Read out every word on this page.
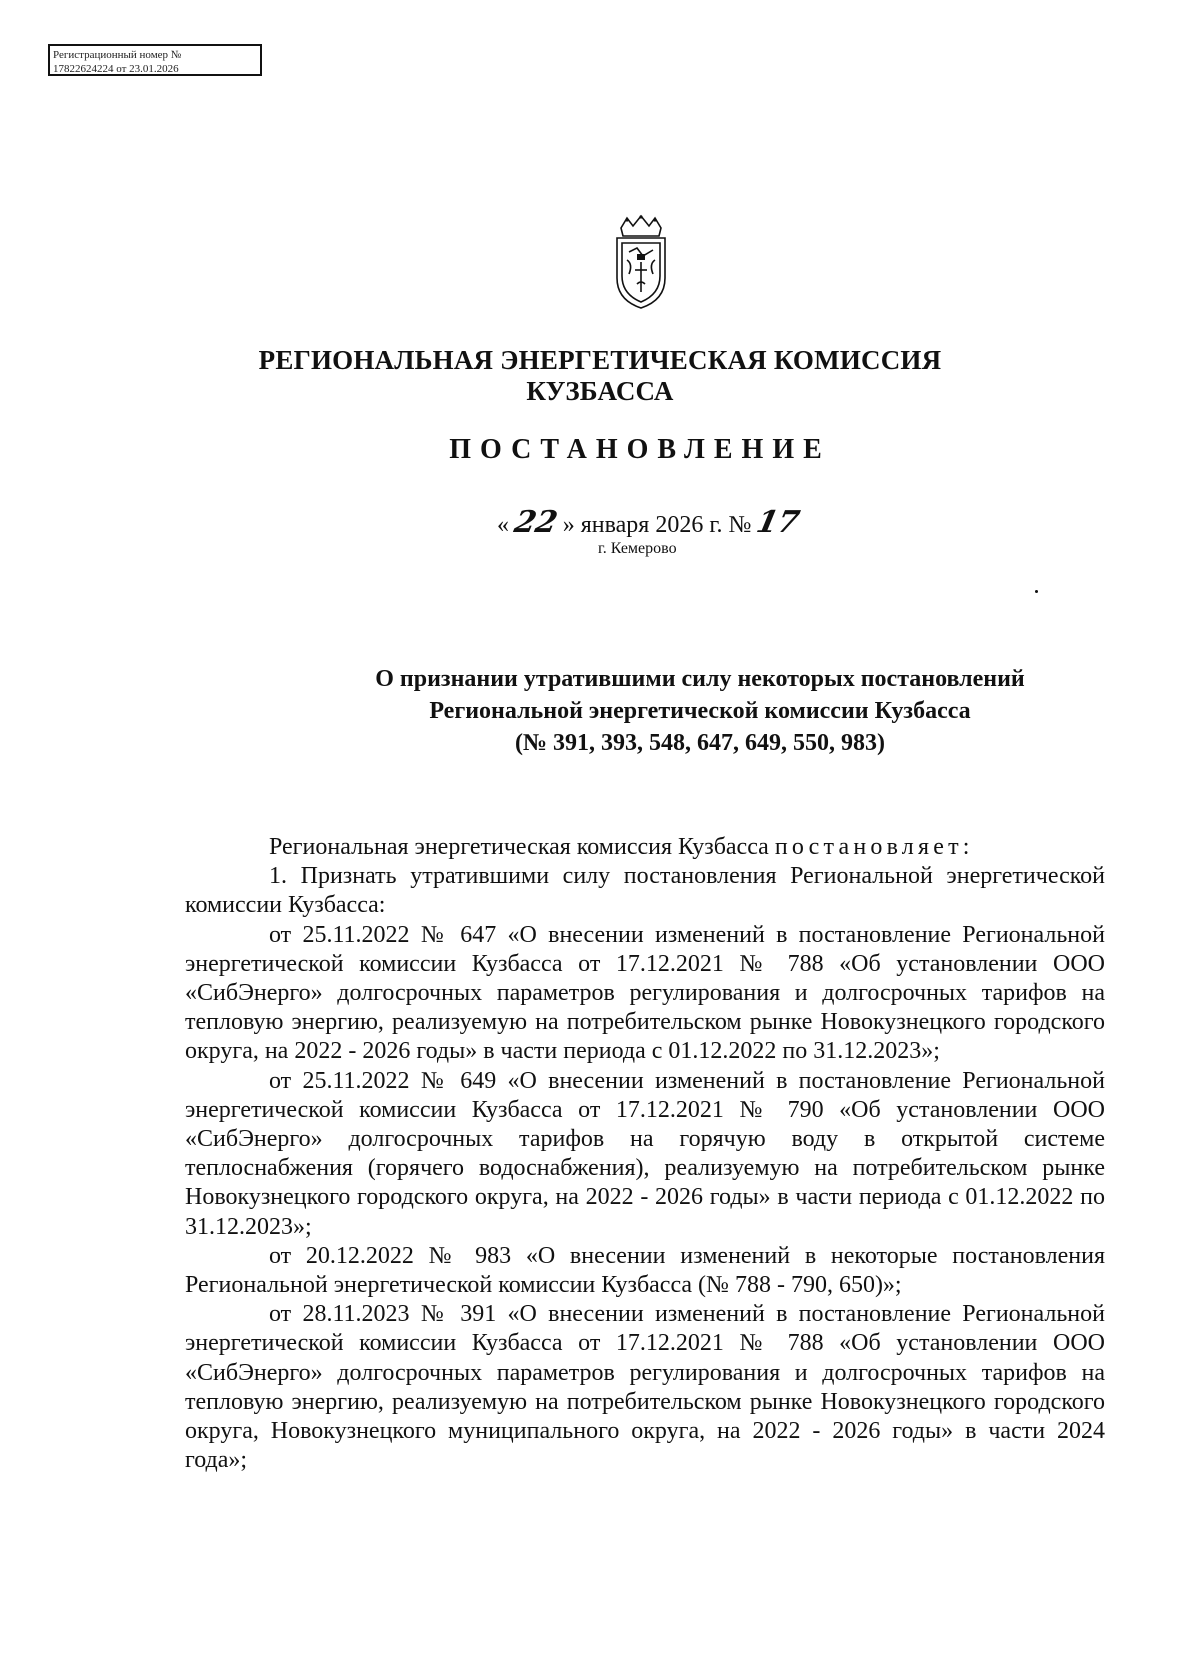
Регистрационный номер №
17822624224 от 23.01.2026
РЕГИОНАЛЬНАЯ ЭНЕРГЕТИЧЕСКАЯ КОМИССИЯ
КУЗБАССА
ПОСТАНОВЛЕНИЕ
« 22 » января 2026 г. № 17
г. Кемерово
О признании утратившими силу некоторых постановлений
Региональной энергетической комиссии Кузбасса
(№ 391, 393, 548, 647, 649, 550, 983)

Региональная энергетическая комиссия Кузбасса постановляет:

1. Признать утратившими силу постановления Региональной энергетической комиссии Кузбасса:

от 25.11.2022 № 647 «О внесении изменений в постановление Региональной энергетической комиссии Кузбасса от 17.12.2021 № 788 «Об установлении ООО «СибЭнерго» долгосрочных параметров регулирования и долгосрочных тарифов на тепловую энергию, реализуемую на потребительском рынке Новокузнецкого городского округа, на 2022 - 2026 годы» в части периода с 01.12.2022 по 31.12.2023»;

от 25.11.2022 № 649 «О внесении изменений в постановление Региональной энергетической комиссии Кузбасса от 17.12.2021 № 790 «Об установлении ООО «СибЭнерго» долгосрочных тарифов на горячую воду в открытой системе теплоснабжения (горячего водоснабжения), реализуемую на потребительском рынке Новокузнецкого городского округа, на 2022 - 2026 годы» в части периода с 01.12.2022 по 31.12.2023»;

от 20.12.2022 № 983 «О внесении изменений в некоторые постановления Региональной энергетической комиссии Кузбасса (№ 788 - 790, 650)»;

от 28.11.2023 № 391 «О внесении изменений в постановление Региональной энергетической комиссии Кузбасса от 17.12.2021 № 788 «Об установлении ООО «СибЭнерго» долгосрочных параметров регулирования и долгосрочных тарифов на тепловую энергию, реализуемую на потребительском рынке Новокузнецкого городского округа, Новокузнецкого муниципального округа, на 2022 - 2026 годы» в части 2024 года»;
